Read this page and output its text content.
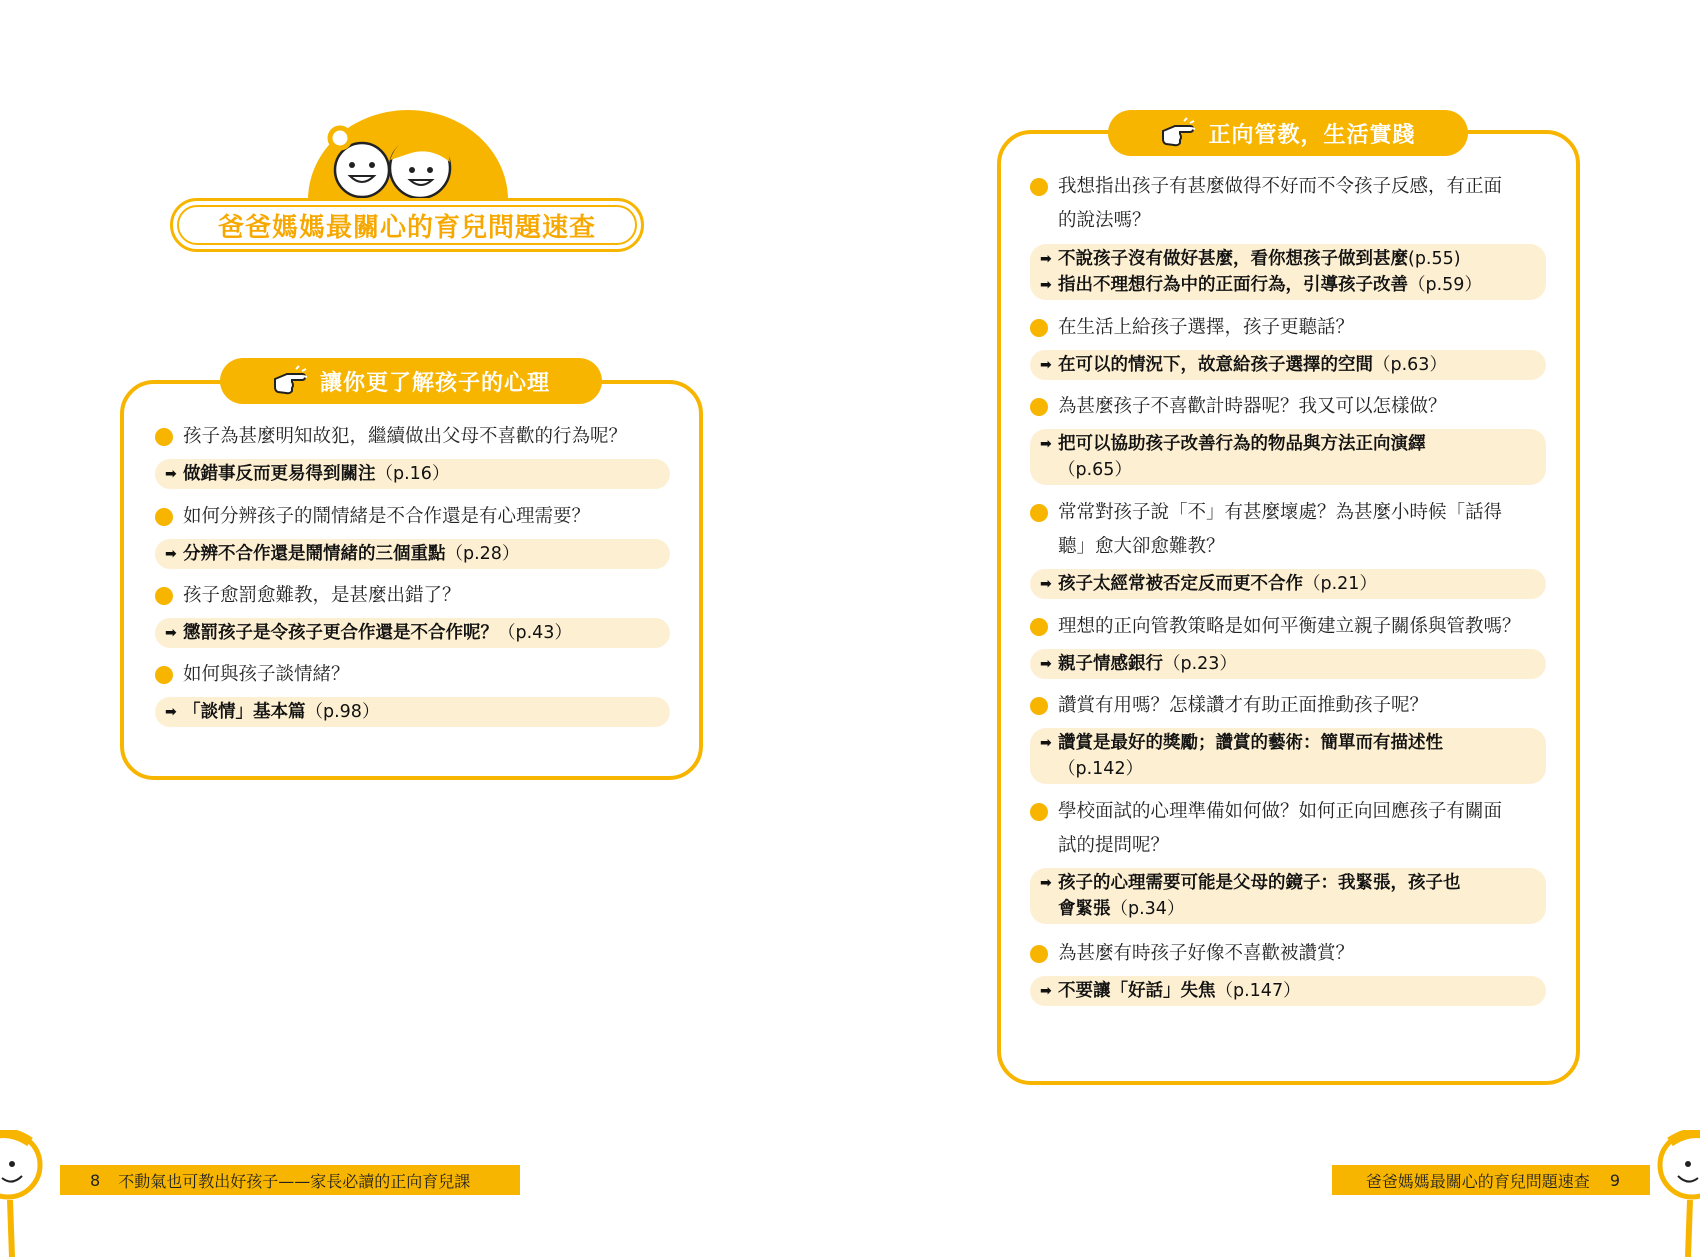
爸爸媽媽最關心的育兒問題速查
讓你更了解孩子的心理
孩子為甚麼明知故犯，繼續做出父母不喜歡的行為呢？
➡ 做錯事反而更易得到關注（p.16）
如何分辨孩子的鬧情緒是不合作還是有心理需要？
➡ 分辨不合作還是鬧情緒的三個重點（p.28）
孩子愈罰愈難教，是甚麼出錯了？
➡ 懲罰孩子是令孩子更合作還是不合作呢？（p.43）
如何與孩子談情緒？
➡ 「談情」基本篇（p.98）
正向管教，生活實踐
我想指出孩子有甚麼做得不好而不令孩子反感，有正面
的說法嗎？
➡ 不說孩子沒有做好甚麼，看你想孩子做到甚麼(p.55)
➡ 指出不理想行為中的正面行為，引導孩子改善（p.59）
在生活上給孩子選擇，孩子更聽話？
➡ 在可以的情況下，故意給孩子選擇的空間（p.63）
為甚麼孩子不喜歡計時器呢？我又可以怎樣做？
➡ 把可以協助孩子改善行為的物品與方法正向演繹
（p.65）
常常對孩子說「不」有甚麼壞處？為甚麼小時候「話得
聽」愈大卻愈難教？
➡ 孩子太經常被否定反而更不合作（p.21）
理想的正向管教策略是如何平衡建立親子關係與管教嗎？
➡ 親子情感銀行（p.23）
讚賞有用嗎？怎樣讚才有助正面推動孩子呢？
➡ 讚賞是最好的獎勵；讚賞的藝術：簡單而有描述性
（p.142）
學校面試的心理準備如何做？如何正向回應孩子有關面
試的提問呢？
➡ 孩子的心理需要可能是父母的鏡子：我緊張，孩子也
會緊張（p.34）
為甚麼有時孩子好像不喜歡被讚賞？
➡ 不要讓「好話」失焦（p.147）
8 不動氣也可教出好孩子——家長必讀的正向育兒課	爸爸媽媽最關心的育兒問題速查 9
